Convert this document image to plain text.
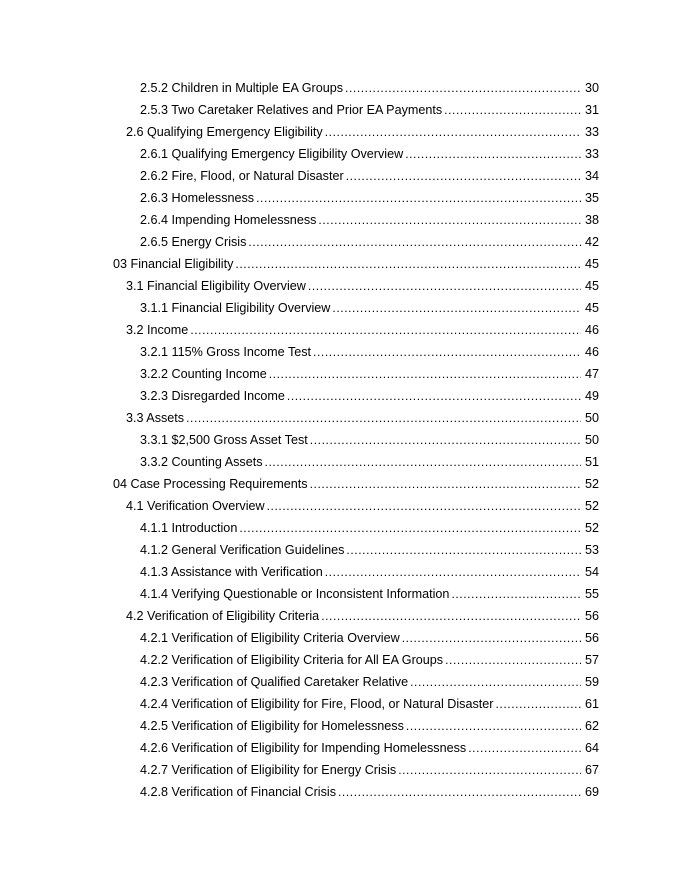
2.5.2 Children in Multiple EA Groups .....	30
2.5.3 Two Caretaker Relatives and Prior EA Payments .....	31
2.6 Qualifying Emergency Eligibility .....	33
2.6.1 Qualifying Emergency Eligibility Overview .....	33
2.6.2 Fire, Flood, or Natural Disaster .....	34
2.6.3 Homelessness .....	35
2.6.4 Impending Homelessness .....	38
2.6.5 Energy Crisis .....	42
03 Financial Eligibility .....	45
3.1 Financial Eligibility Overview .....	45
3.1.1 Financial Eligibility Overview .....	45
3.2 Income .....	46
3.2.1 115% Gross Income Test .....	46
3.2.2 Counting Income .....	47
3.2.3 Disregarded Income .....	49
3.3 Assets .....	50
3.3.1 $2,500 Gross Asset Test .....	50
3.3.2 Counting Assets .....	51
04 Case Processing Requirements .....	52
4.1 Verification Overview .....	52
4.1.1 Introduction .....	52
4.1.2 General Verification Guidelines .....	53
4.1.3 Assistance with Verification .....	54
4.1.4 Verifying Questionable or Inconsistent Information .....	55
4.2 Verification of Eligibility Criteria .....	56
4.2.1 Verification of Eligibility Criteria Overview .....	56
4.2.2 Verification of Eligibility Criteria for All EA Groups .....	57
4.2.3 Verification of Qualified Caretaker Relative .....	59
4.2.4 Verification of Eligibility for Fire, Flood, or Natural Disaster .....	61
4.2.5 Verification of Eligibility for Homelessness .....	62
4.2.6 Verification of Eligibility for Impending Homelessness .....	64
4.2.7 Verification of Eligibility for Energy Crisis .....	67
4.2.8 Verification of Financial Crisis .....	69
